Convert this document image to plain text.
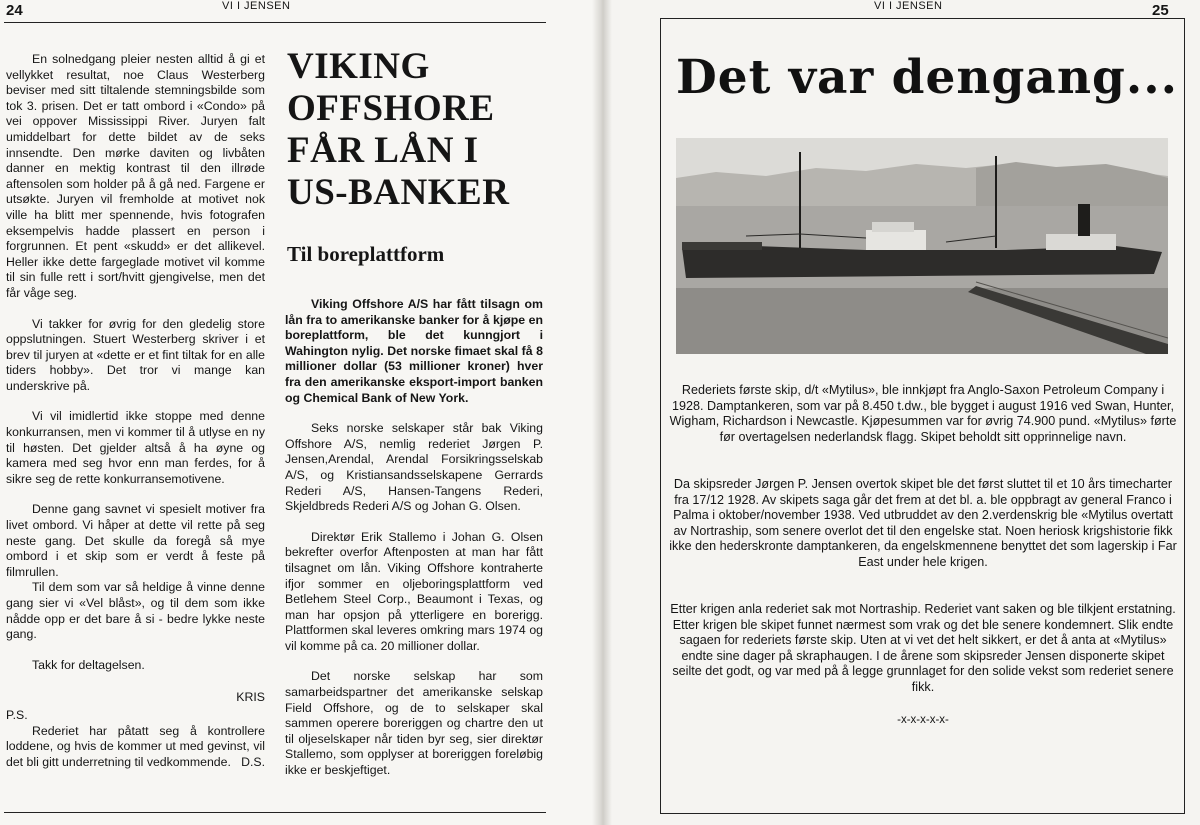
24	VI I JENSEN

En solnedgang pleier nesten alltid å gi et vellykket resultat, noe Claus Westerberg beviser med sitt tiltalende stemningsbilde som tok 3. prisen. Det er tatt ombord i «Condo» på vei oppover Mississippi River. Juryen falt umiddelbart for dette bildet av de seks innsendte. Den mørke daviten og livbåten danner en mektig kontrast til den illrøde aftensolen som holder på å gå ned. Fargene er utsøkte. Juryen vil fremholde at motivet nok ville ha blitt mer spennende, hvis fotografen eksempelvis hadde plassert en person i forgrunnen. Et pent «skudd» er det allikevel. Heller ikke dette fargeglade motivet vil komme til sin fulle rett i sort/hvitt gjengivelse, men det får våge seg.

Vi takker for øvrig for den gledelig store oppslutningen. Stuert Westerberg skriver i et brev til juryen at «dette er et fint tiltak for en alle tiders hobby». Det tror vi mange kan underskrive på.

Vi vil imidlertid ikke stoppe med denne konkurransen, men vi kommer til å utlyse en ny til høsten. Det gjelder altså å ha øyne og kamera med seg hvor enn man ferdes, for å sikre seg de rette konkurransemotivene.

Denne gang savnet vi spesielt motiver fra livet ombord. Vi håper at dette vil rette på seg neste gang. Det skulle da foregå så mye ombord i et skip som er verdt å feste på filmrullen.

Til dem som var så heldige å vinne denne gang sier vi «Vel blåst», og til dem som ikke nådde opp er det bare å si - bedre lykke neste gang.

Takk for deltagelsen.

KRIS

P.S.

Rederiet har påtatt seg å kontrollere loddene, og hvis de kommer ut med gevinst, vil det bli gitt underretning til vedkommende. D.S.

VIKING
OFFSHORE
FÅR LÅN I
US-BANKER
Til boreplattform

Viking Offshore A/S har fått tilsagn om lån fra to amerikanske banker for å kjøpe en boreplattform, ble det kunngjort i Wahington nylig. Det norske fimaet skal få 8 millioner dollar (53 millioner kroner) hver fra den amerikanske eksport-import banken og Chemical Bank of New York.

Seks norske selskaper står bak Viking Offshore A/S, nemlig rederiet Jørgen P. Jensen,Arendal, Arendal Forsikringsselskab A/S, og Kristiansandsselskapene Gerrards Rederi A/S, Hansen-Tangens Rederi, Skjeldbreds Rederi A/S og Johan G. Olsen.

Direktør Erik Stallemo i Johan G. Olsen bekrefter overfor Aftenposten at man har fått tilsagnet om lån. Viking Offshore kontraherte ifjor sommer en oljeboringsplattform ved Betlehem Steel Corp., Beaumont i Texas, og man har opsjon på ytterligere en borerigg. Plattformen skal leveres omkring mars 1974 og vil komme på ca. 20 millioner dollar.

Det norske selskap har som samarbeidspartner det amerikanske selskap Field Offshore, og de to selskaper skal sammen operere boreriggen og chartre den ut til oljeselskaper når tiden byr seg, sier direktør Stallemo, som opplyser at boreriggen foreløbig ikke er beskjeftiget.

VI I JENSEN	25
Det var dengang...
Rederiets første skip, d/t «Mytilus», ble innkjøpt fra Anglo-Saxon Petroleum Company i 1928. Damptankeren, som var på 8.450 t.dw., ble bygget i august 1916 ved Swan, Hunter, Wigham, Richardson i Newcastle. Kjøpesummen var for øvrig 74.900 pund. «Mytilus» førte før overtagelsen nederlandsk flagg. Skipet beholdt sitt opprinnelige navn.
Da skipsreder Jørgen P. Jensen overtok skipet ble det først sluttet til et 10 års timecharter fra 17/12 1928. Av skipets saga går det frem at det bl. a. ble oppbragt av general Franco i Palma i oktober/november 1938. Ved utbruddet av den 2.verdenskrig ble «Mytilus overtatt av Nortraship, som senere overlot det til den engelske stat. Noen heriosk krigshistorie fikk ikke den hederskronte damptankeren, da engelskmennene benyttet det som lagerskip i Far East under hele krigen.
Etter krigen anla rederiet sak mot Nortraship. Rederiet vant saken og ble tilkjent erstatning. Etter krigen ble skipet funnet nærmest som vrak og det ble senere kondemnert. Slik endte sagaen for rederiets første skip. Uten at vi vet det helt sikkert, er det å anta at «Mytilus» endte sine dager på skraphaugen. I de årene som skipsreder Jensen disponerte skipet seilte det godt, og var med på å legge grunnlaget for den solide vekst som rederiet senere fikk.
-x-x-x-x-x-
